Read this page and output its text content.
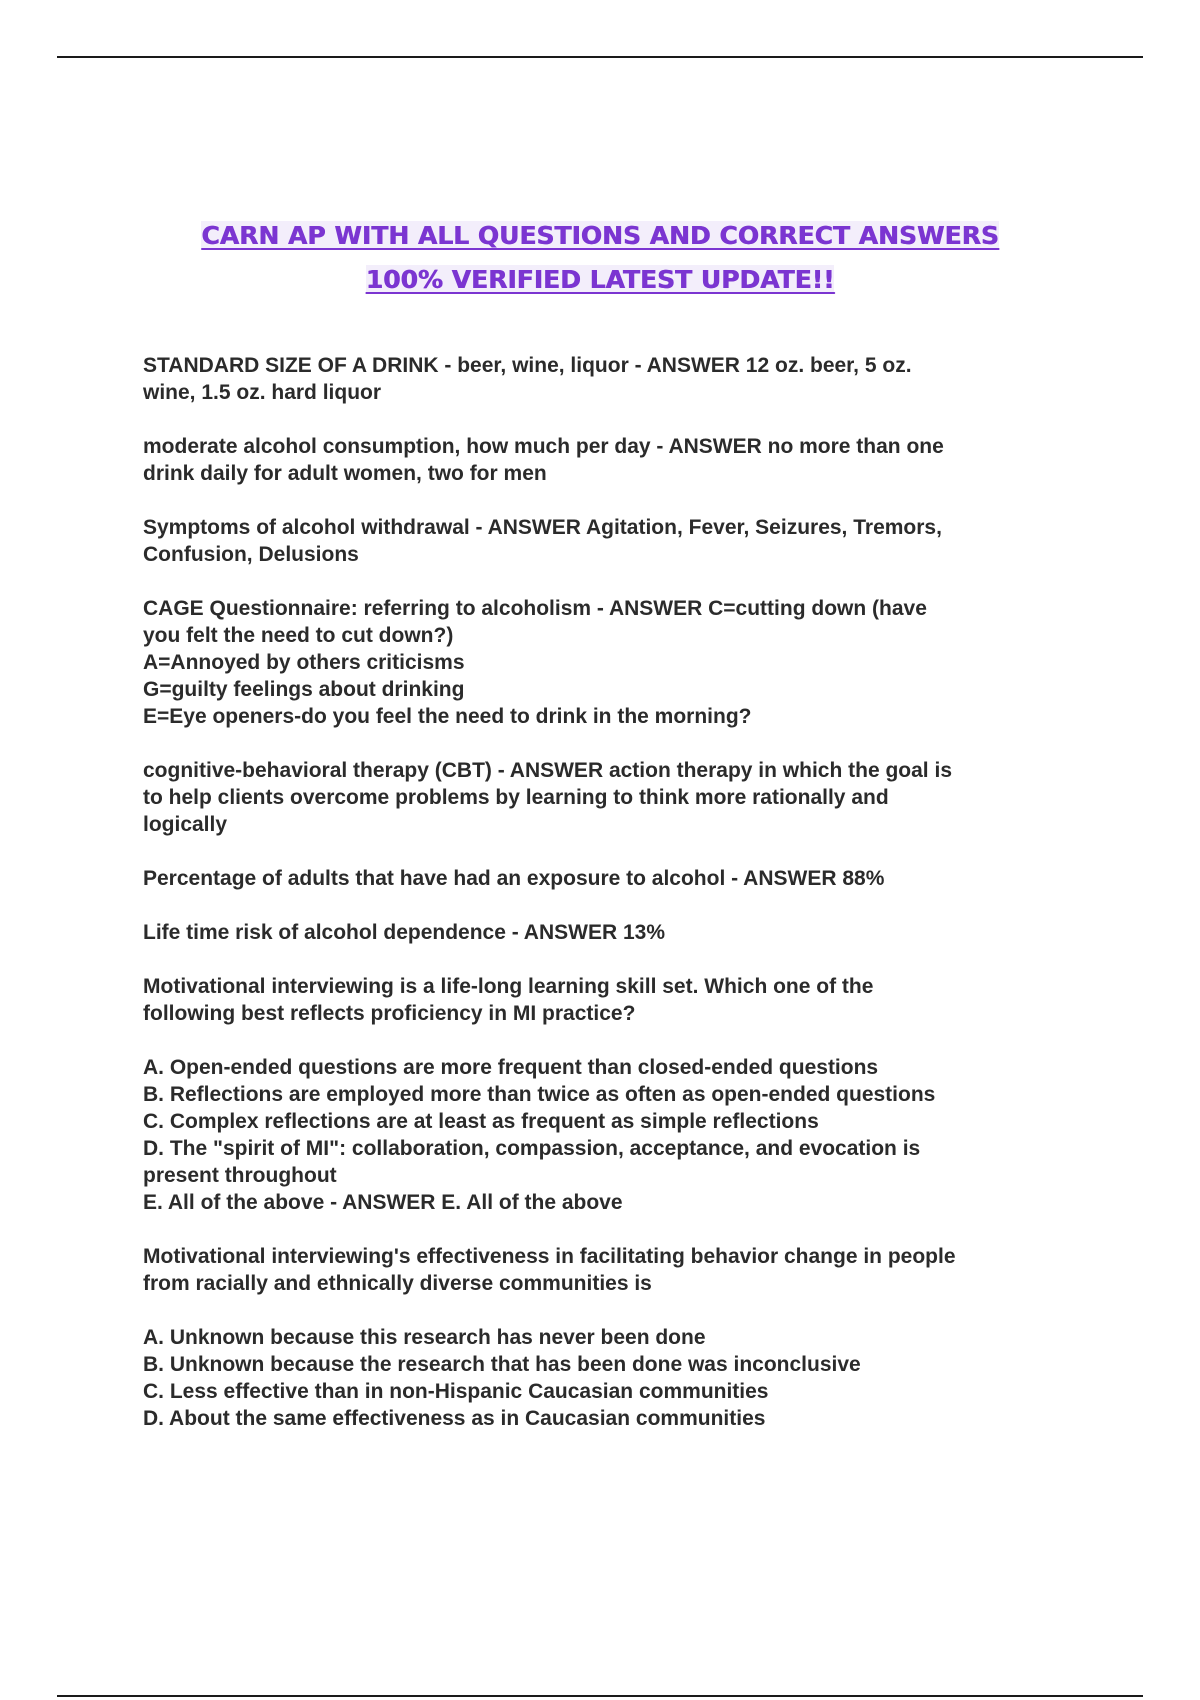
CARN AP WITH ALL QUESTIONS AND CORRECT ANSWERS
100% VERIFIED LATEST UPDATE!!
STANDARD SIZE OF A DRINK - beer, wine, liquor - ANSWER 12 oz. beer, 5 oz.
wine, 1.5 oz. hard liquor
moderate alcohol consumption, how much per day - ANSWER no more than one
drink daily for adult women, two for men
Symptoms of alcohol withdrawal - ANSWER Agitation, Fever, Seizures, Tremors,
Confusion, Delusions
CAGE Questionnaire: referring to alcoholism - ANSWER C=cutting down (have
you felt the need to cut down?)
A=Annoyed by others criticisms
G=guilty feelings about drinking
E=Eye openers-do you feel the need to drink in the morning?
cognitive-behavioral therapy (CBT) - ANSWER action therapy in which the goal is
to help clients overcome problems by learning to think more rationally and
logically
Percentage of adults that have had an exposure to alcohol - ANSWER 88%
Life time risk of alcohol dependence - ANSWER 13%
Motivational interviewing is a life-long learning skill set. Which one of the
following best reflects proficiency in MI practice?
A. Open-ended questions are more frequent than closed-ended questions
B. Reflections are employed more than twice as often as open-ended questions
C. Complex reflections are at least as frequent as simple reflections
D. The "spirit of MI": collaboration, compassion, acceptance, and evocation is
present throughout
E. All of the above - ANSWER E. All of the above
Motivational interviewing's effectiveness in facilitating behavior change in people
from racially and ethnically diverse communities is
A. Unknown because this research has never been done
B. Unknown because the research that has been done was inconclusive
C. Less effective than in non-Hispanic Caucasian communities
D. About the same effectiveness as in Caucasian communities
